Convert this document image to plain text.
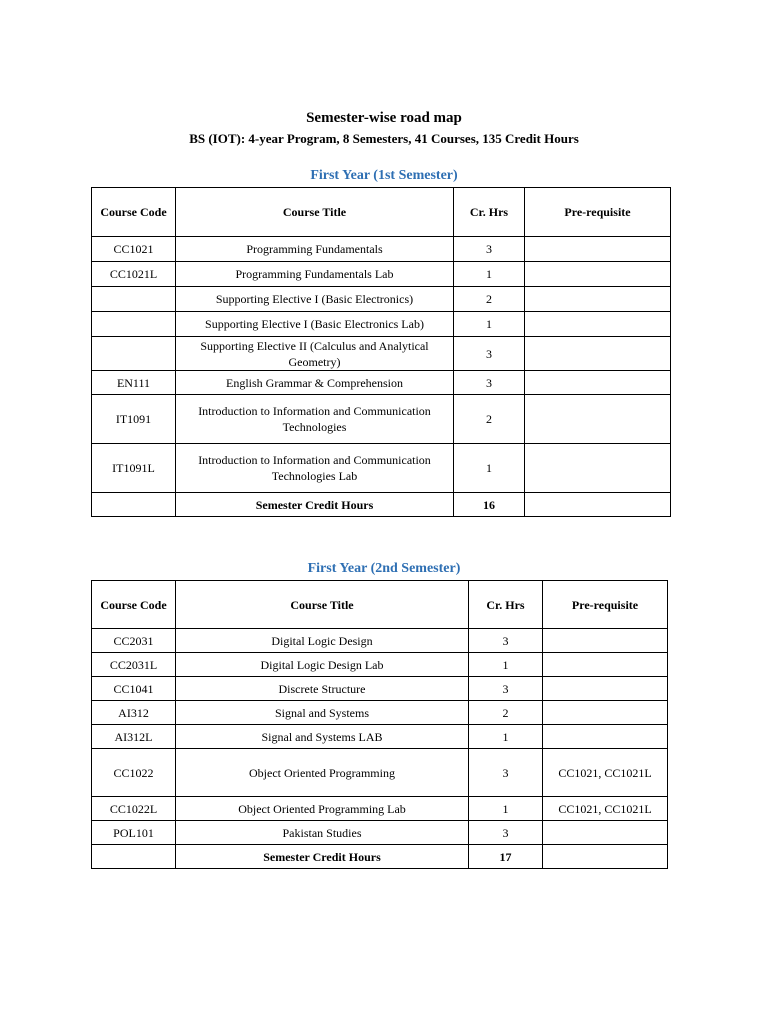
Semester-wise road map
BS (IOT): 4-year Program, 8 Semesters, 41 Courses, 135 Credit Hours
First Year (1st Semester)
Course Code	Course Title	Cr. Hrs	Pre-requisite
CC1021	Programming Fundamentals	3	
CC1021L	Programming Fundamentals Lab	1	
	Supporting Elective I (Basic Electronics)	2	
	Supporting Elective I (Basic Electronics Lab)	1	
	Supporting Elective II (Calculus and Analytical Geometry)	3	
EN111	English Grammar & Comprehension	3	
IT1091	Introduction to Information and Communication Technologies	2	
IT1091L	Introduction to Information and Communication Technologies Lab	1	
	Semester Credit Hours	16	
First Year (2nd Semester)
Course Code	Course Title	Cr. Hrs	Pre-requisite
CC2031	Digital Logic Design	3	
CC2031L	Digital Logic Design Lab	1	
CC1041	Discrete Structure	3	
AI312	Signal and Systems	2	
AI312L	Signal and Systems LAB	1	
CC1022	Object Oriented Programming	3	CC1021, CC1021L
CC1022L	Object Oriented Programming Lab	1	CC1021, CC1021L
POL101	Pakistan Studies	3	
	Semester Credit Hours	17	
